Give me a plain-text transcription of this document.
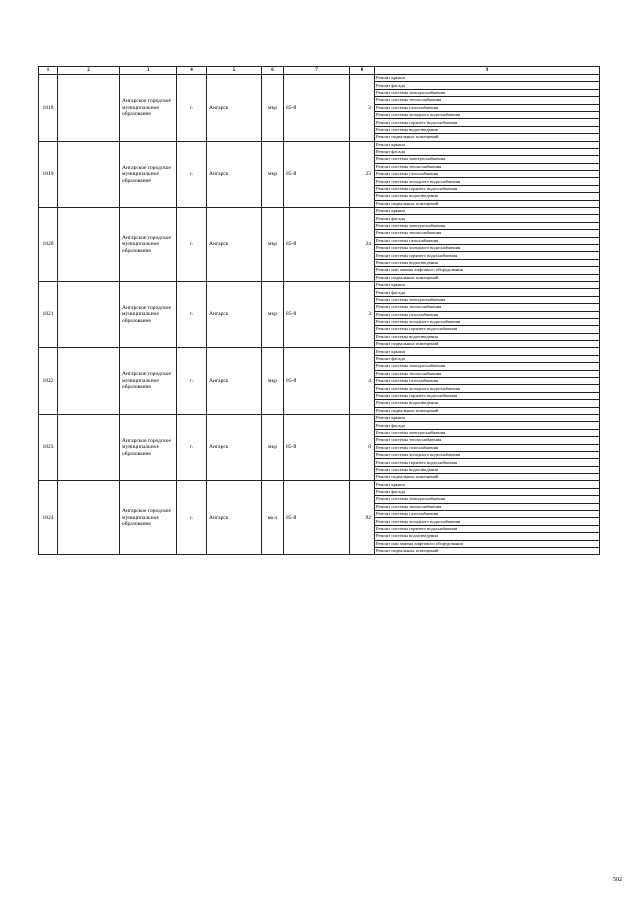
1	2	3	4	5	6	7	8	9
1818		Ангарское городское муниципальное образование	г.	Ангарск	мкр	85-й	2	Ремонт крыши
								Ремонт фасада
								Ремонт системы электроснабжения
								Ремонт системы теплоснабжения
								Ремонт системы газоснабжения
								Ремонт системы холодного водоснабжения
								Ремонт системы горячего водоснабжения
								Ремонт системы водоотведения
								Ремонт подвальных помещений
1819		Ангарское городское муниципальное образование	г.	Ангарск	мкр	85-й	23	Ремонт крыши
								Ремонт фасада
								Ремонт системы электроснабжения
								Ремонт системы теплоснабжения
								Ремонт системы газоснабжения
								Ремонт системы холодного водоснабжения
								Ремонт системы горячего водоснабжения
								Ремонт системы водоотведения
								Ремонт подвальных помещений
1820		Ангарское городское муниципальное образование	г.	Ангарск	мкр	85-й	24	Ремонт крыши
								Ремонт фасада
								Ремонт системы электроснабжения
								Ремонт системы теплоснабжения
								Ремонт системы газоснабжения
								Ремонт системы холодного водоснабжения
								Ремонт системы горячего водоснабжения
								Ремонт системы водоотведения
								Ремонт или замена лифтового оборудования
								Ремонт подвальных помещений
1821		Ангарское городское муниципальное образование	г.	Ангарск	мкр	85-й	3	Ремонт крыши
								Ремонт фасада
								Ремонт системы электроснабжения
								Ремонт системы теплоснабжения
								Ремонт системы газоснабжения
								Ремонт системы холодного водоснабжения
								Ремонт системы горячего водоснабжения
								Ремонт системы водоотведения
								Ремонт подвальных помещений
1822		Ангарское городское муниципальное образование	г.	Ангарск	мкр	85-й	4	Ремонт крыши
								Ремонт фасада
								Ремонт системы электроснабжения
								Ремонт системы теплоснабжения
								Ремонт системы газоснабжения
								Ремонт системы холодного водоснабжения
								Ремонт системы горячего водоснабжения
								Ремонт системы водоотведения
								Ремонт подвальных помещений
1823		Ангарское городское муниципальное образование	г.	Ангарск	мкр	85-й	8	Ремонт крыши
								Ремонт фасада
								Ремонт системы электроснабжения
								Ремонт системы теплоснабжения
								Ремонт системы газоснабжения
								Ремонт системы холодного водоснабжения
								Ремонт системы горячего водоснабжения
								Ремонт системы водоотведения
								Ремонт подвальных помещений
1824		Ангарское городское муниципальное образование	г.	Ангарск	кв-л	85-й	92	Ремонт крыши
								Ремонт фасада
								Ремонт системы электроснабжения
								Ремонт системы теплоснабжения
								Ремонт системы газоснабжения
								Ремонт системы холодного водоснабжения
								Ремонт системы горячего водоснабжения
								Ремонт системы водоотведения
								Ремонт или замена лифтового оборудования
								Ремонт подвальных помещений
502
